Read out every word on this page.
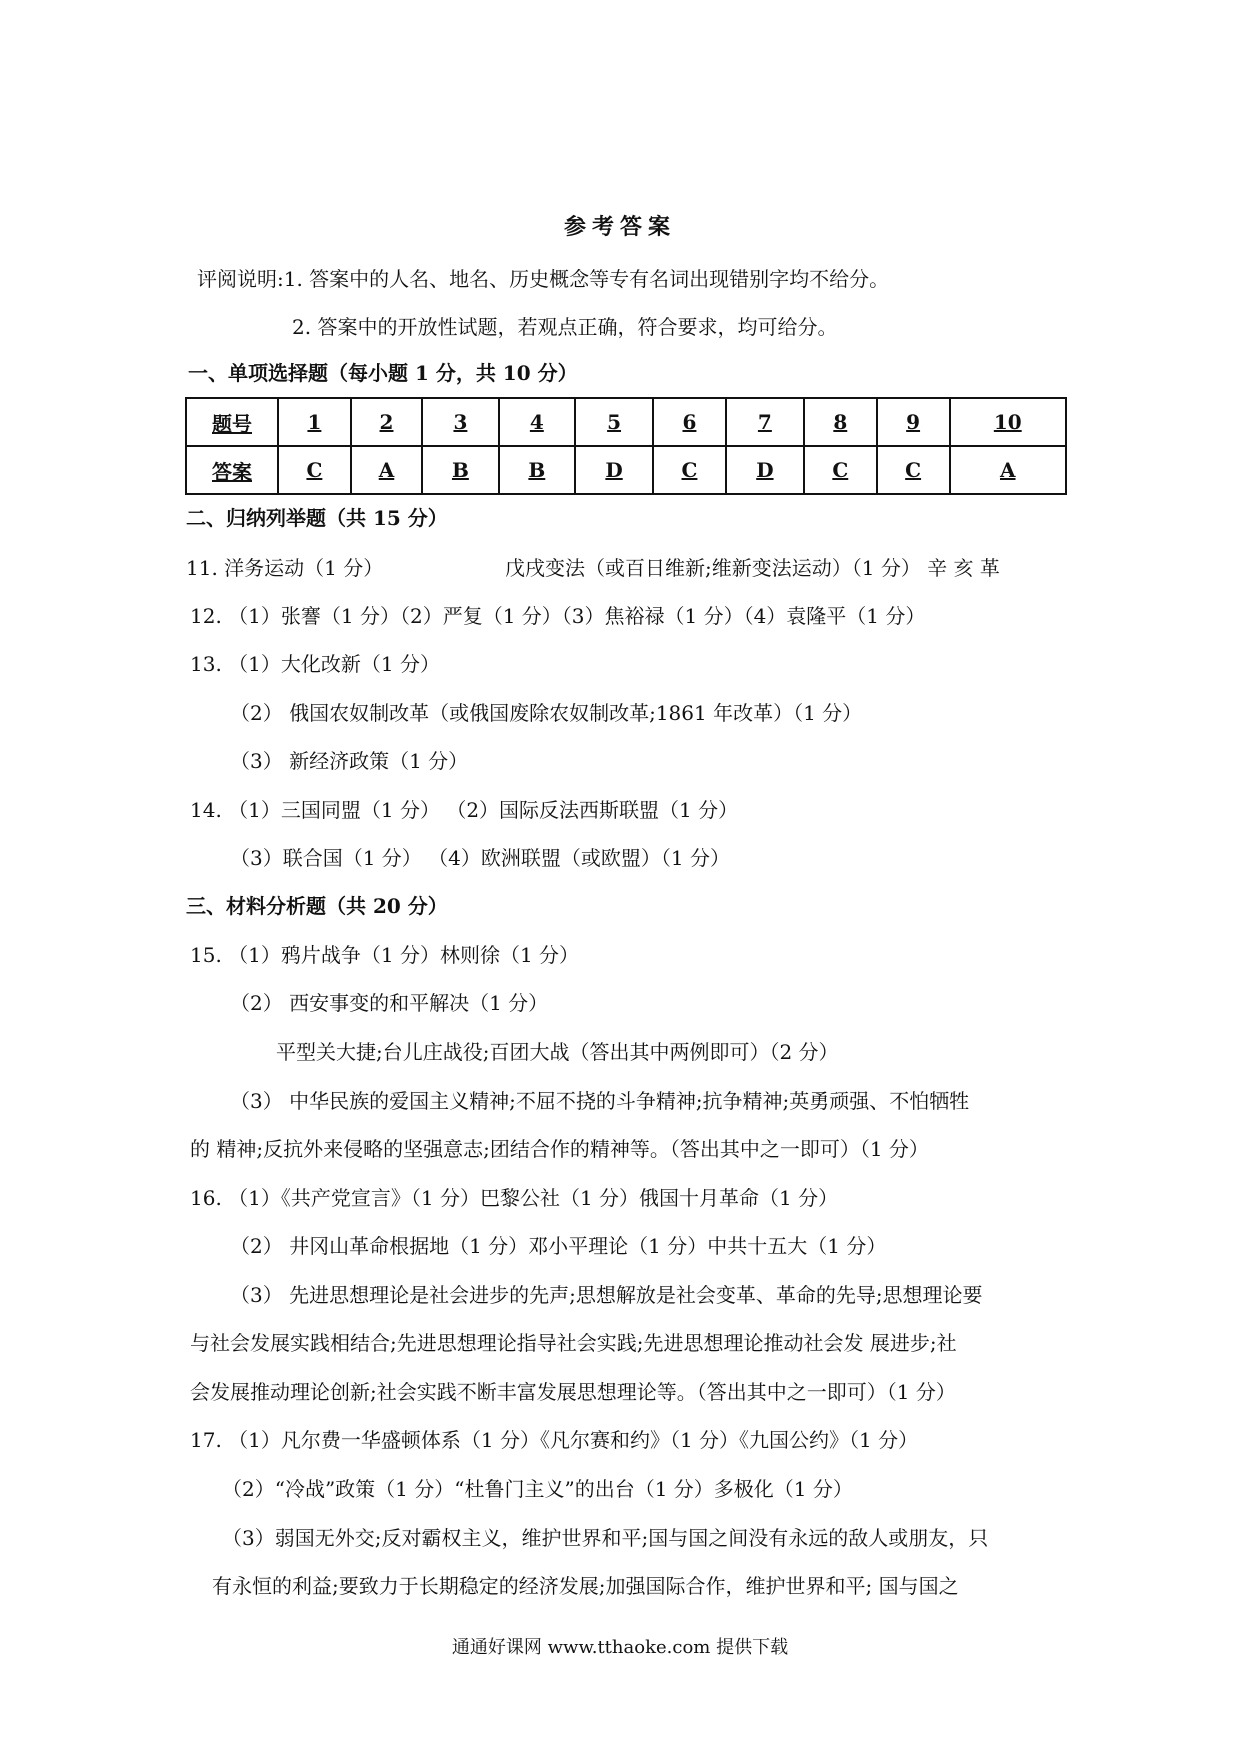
参考答案
评阅说明:1. 答案中的人名、地名、历史概念等专有名词出现错别字均不给分。
2. 答案中的开放性试题，若观点正确，符合要求，均可给分。
一、单项选择题（每小题 1 分，共 10 分）
题号	1	2	3	4	5	6	7	8	9	10
答案	C	A	B	B	D	C	D	C	C	A
二、归纳列举题（共 15 分）
11. 洋务运动（1 分）	戊戌变法（或百日维新;维新变法运动）（1 分） 辛 亥 革
12. （1）张謇（1 分）（2）严复（1 分）（3）焦裕禄（1 分）（4）袁隆平（1 分）
13. （1）大化改新（1 分）
（2） 俄国农奴制改革（或俄国废除农奴制改革;1861 年改革）（1 分）
（3） 新经济政策（1 分）
14. （1）三国同盟（1 分） （2）国际反法西斯联盟（1 分）
（3）联合国（1 分） （4）欧洲联盟（或欧盟）（1 分）
三、材料分析题（共 20 分）
15. （1）鸦片战争（1 分）林则徐（1 分）
（2） 西安事变的和平解决（1 分）
平型关大捷;台儿庄战役;百团大战（答出其中两例即可）（2 分）
（3） 中华民族的爱国主义精神;不屈不挠的斗争精神;抗争精神;英勇顽强、不怕牺牲
的 精神;反抗外来侵略的坚强意志;团结合作的精神等。（答出其中之一即可）（1 分）
16. （1）《共产党宣言》（1 分）巴黎公社（1 分）俄国十月革命（1 分）
（2） 井冈山革命根据地（1 分）邓小平理论（1 分）中共十五大（1 分）
（3） 先进思想理论是社会进步的先声;思想解放是社会变革、革命的先导;思想理论要
与社会发展实践相结合;先进思想理论指导社会实践;先进思想理论推动社会发 展进步;社
会发展推动理论创新;社会实践不断丰富发展思想理论等。（答出其中之一即可）（1 分）
17. （1）凡尔费一华盛顿体系（1 分）《凡尔赛和约》（1 分）《九国公约》（1 分）
（2）“冷战”政策（1 分）“杜鲁门主义”的出台（1 分）多极化（1 分）
（3）弱国无外交;反对霸权主义，维护世界和平;国与国之间没有永远的敌人或朋友，只
有永恒的利益;要致力于长期稳定的经济发展;加强国际合作，维护世界和平; 国与国之
通通好课网 www.tthaoke.com 提供下载
